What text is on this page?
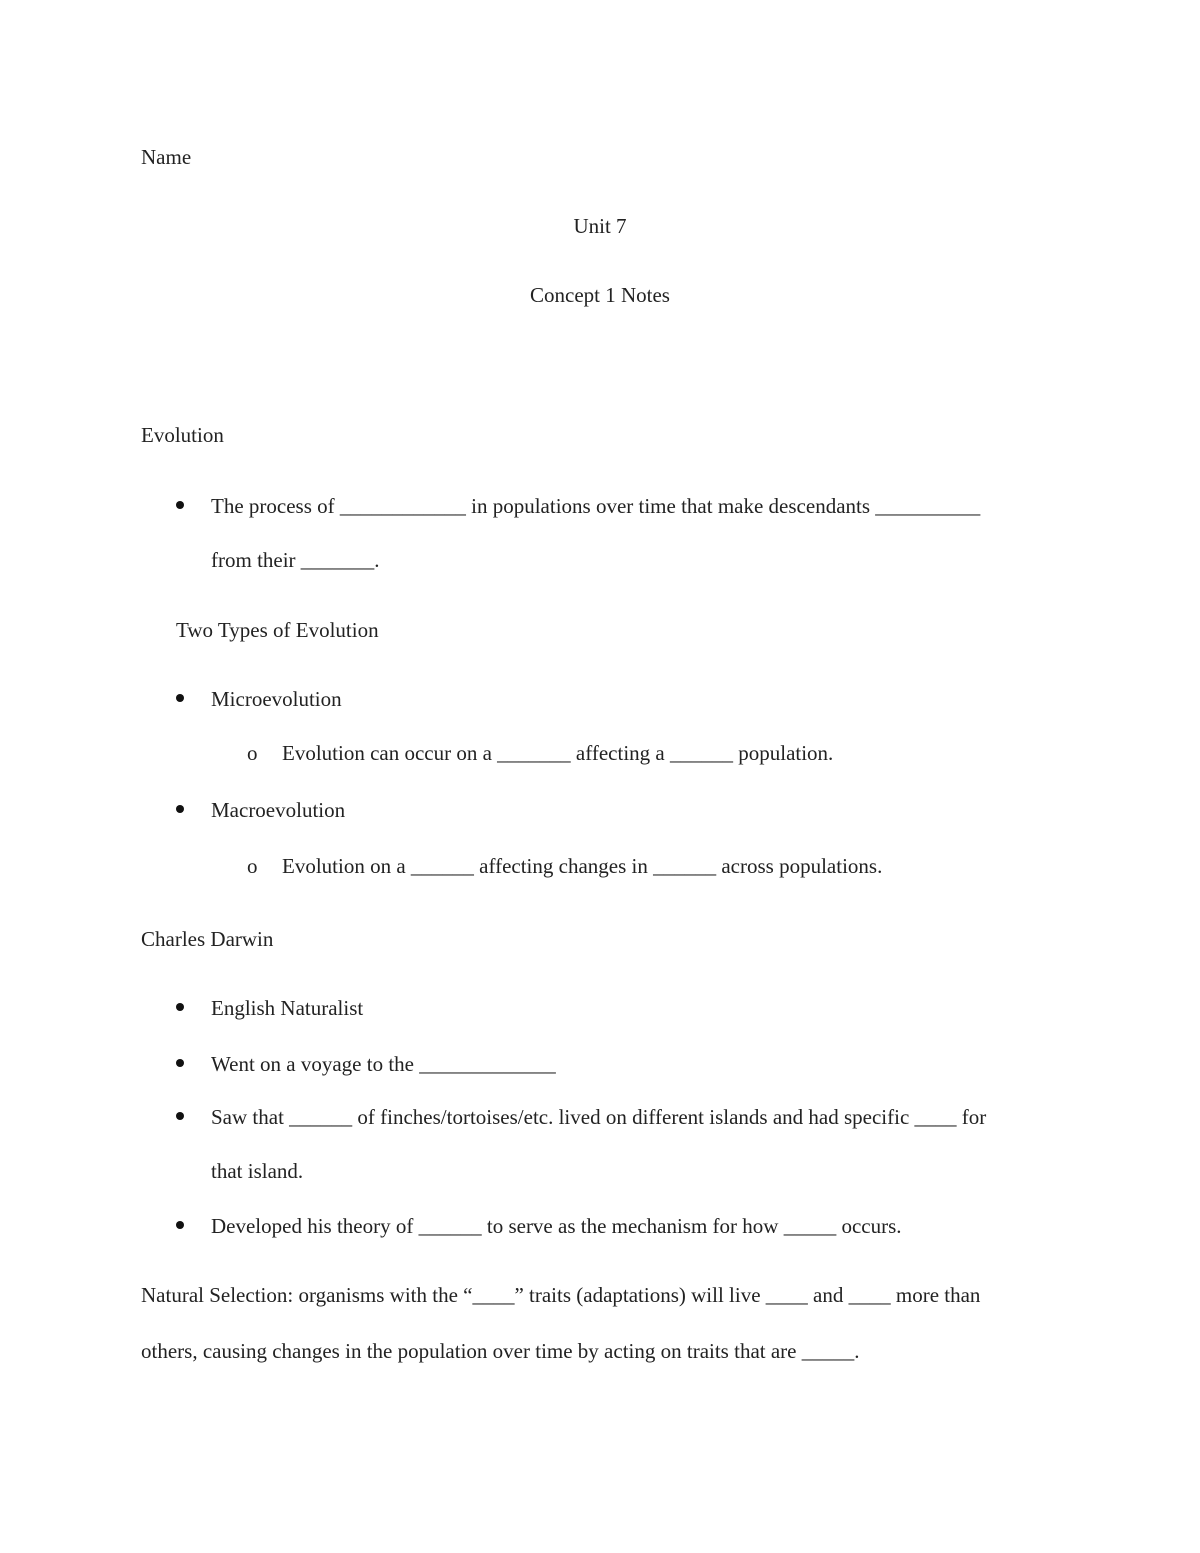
Name
Unit 7
Concept 1 Notes
Evolution
The process of ____________ in populations over time that make descendants __________
from their _______.
Two Types of Evolution
Microevolution
o Evolution can occur on a _______ affecting a ______ population.
Macroevolution
o Evolution on a ______ affecting changes in ______ across populations.
Charles Darwin
English Naturalist
Went on a voyage to the _____________
Saw that ______ of finches/tortoises/etc. lived on different islands and had specific ____ for
that island.
Developed his theory of ______ to serve as the mechanism for how _____ occurs.
Natural Selection: organisms with the “____” traits (adaptations) will live ____ and ____ more than
others, causing changes in the population over time by acting on traits that are _____.
